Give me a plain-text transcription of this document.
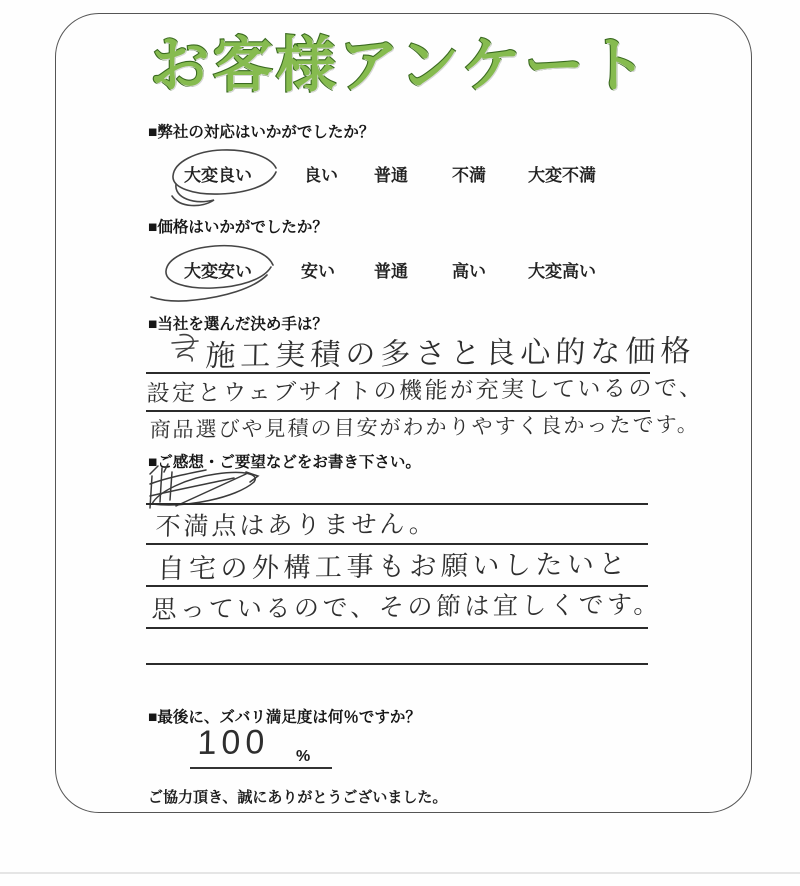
お客様アンケート
■弊社の対応はいかがでしたか？
大変良い	良い 普通	不満 大変不満
■価格はいかがでしたか？
大変安い	安い 普通	高い 大変高い
■当社を選んだ決め手は？
施工実積の多さと良心的な価格
設定とウェブサイトの機能が充実しているので、
商品選びや見積の目安がわかりやすく良かったです。
■ご感想・ご要望などをお書き下さい。
不満点はありません。
自宅の外構工事もお願いしたいと
思っているので、その節は宜しくです。
■最後に、ズバリ満足度は何％ですか？
100 %
ご協力頂き、誠にありがとうございました。
